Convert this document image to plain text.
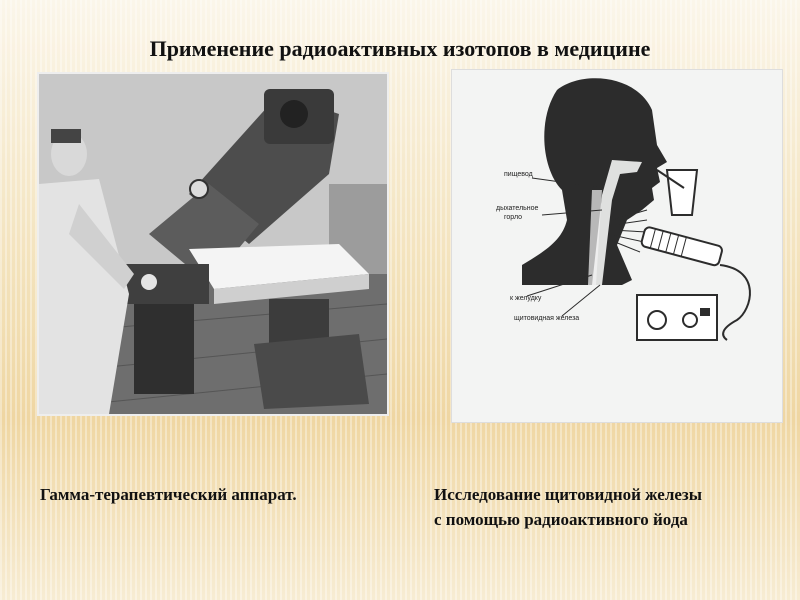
Применение радиоактивных изотопов в медицине
пищевод
дыхательное
горло
к желудку
щитовидная железа
Гамма-терапевтический аппарат.	Исследование щитовидной железы
с помощью радиоактивного йода
